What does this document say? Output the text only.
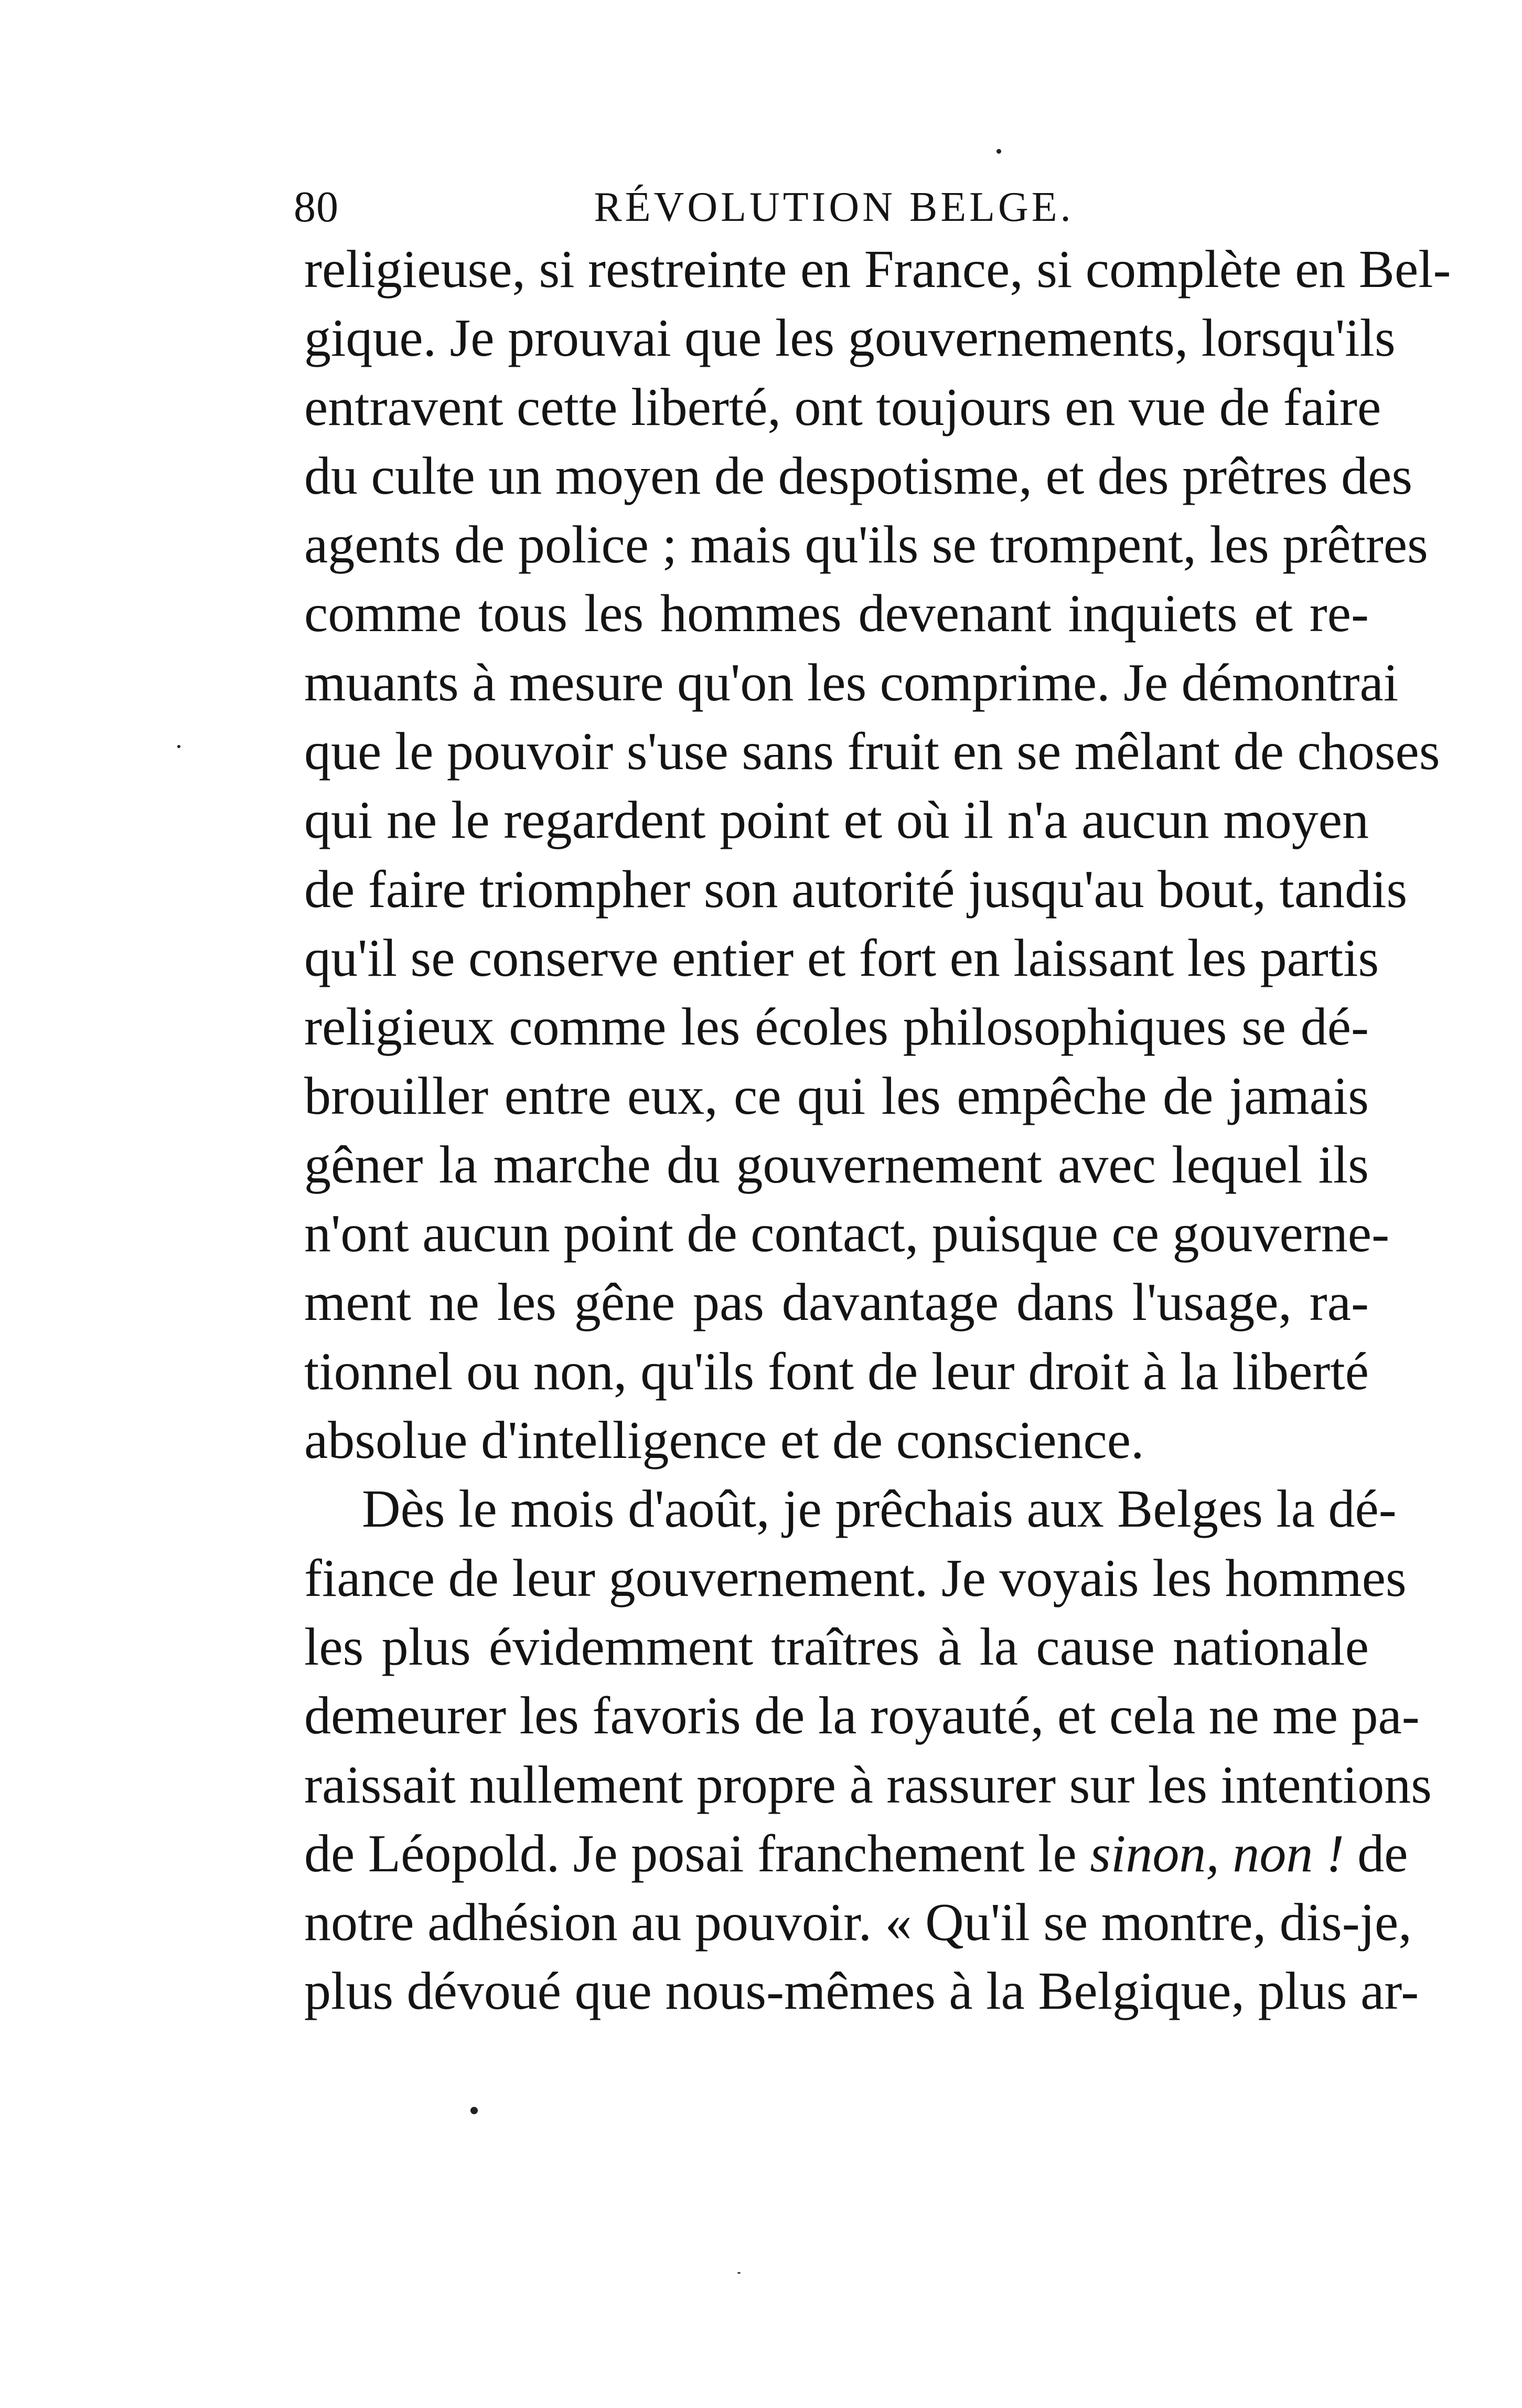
80	RÉVOLUTION BELGE.
religieuse, si restreinte en France, si complète en Bel-
gique. Je prouvai que les gouvernements, lorsqu'ils
entravent cette liberté, ont toujours en vue de faire
du culte un moyen de despotisme, et des prêtres des
agents de police ; mais qu'ils se trompent, les prêtres
comme tous les hommes devenant inquiets et re-
muants à mesure qu'on les comprime. Je démontrai
que le pouvoir s'use sans fruit en se mêlant de choses
qui ne le regardent point et où il n'a aucun moyen
de faire triompher son autorité jusqu'au bout, tandis
qu'il se conserve entier et fort en laissant les partis
religieux comme les écoles philosophiques se dé-
brouiller entre eux, ce qui les empêche de jamais
gêner la marche du gouvernement avec lequel ils
n'ont aucun point de contact, puisque ce gouverne-
ment ne les gêne pas davantage dans l'usage, ra-
tionnel ou non, qu'ils font de leur droit à la liberté
absolue d'intelligence et de conscience.
Dès le mois d'août, je prêchais aux Belges la dé-
fiance de leur gouvernement. Je voyais les hommes
les plus évidemment traîtres à la cause nationale
demeurer les favoris de la royauté, et cela ne me pa-
raissait nullement propre à rassurer sur les intentions
de Léopold. Je posai franchement le sinon, non ! de
notre adhésion au pouvoir. « Qu'il se montre, dis-je,
plus dévoué que nous-mêmes à la Belgique, plus ar-
